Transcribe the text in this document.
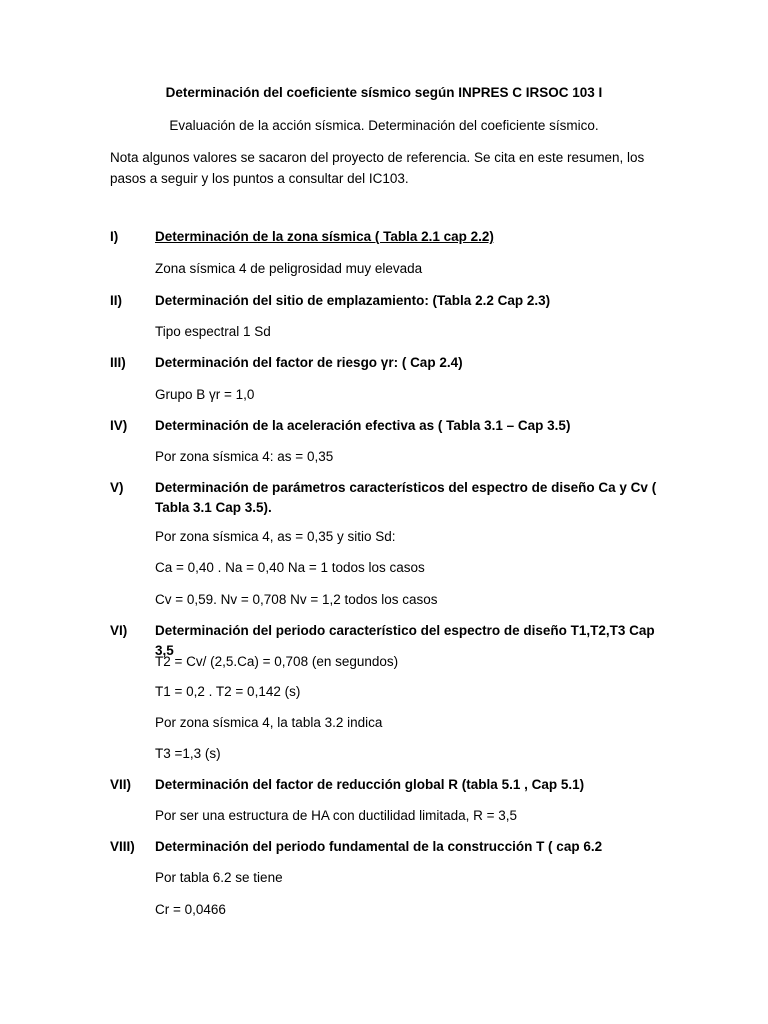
Determinación del coeficiente sísmico según INPRES C IRSOC 103 I
Evaluación de la acción sísmica. Determinación del coeficiente sísmico.
Nota algunos valores se sacaron del proyecto de referencia. Se cita en este resumen, los pasos a seguir y los puntos a consultar del IC103.
I)	Determinación de la zona sísmica ( Tabla 2.1 cap 2.2)
Zona sísmica 4 de peligrosidad muy elevada
II) Determinación del sitio de emplazamiento: (Tabla 2.2 Cap 2.3)
Tipo espectral 1 Sd
III) Determinación del factor de riesgo γr: ( Cap 2.4)
Grupo B γr = 1,0
IV) Determinación de la aceleración efectiva as ( Tabla 3.1 – Cap 3.5)
Por zona sísmica 4: as = 0,35
V) Determinación de parámetros característicos del espectro de diseño Ca y Cv ( Tabla 3.1 Cap 3.5).
Por zona sísmica 4, as = 0,35 y sitio Sd:
Ca = 0,40 . Na = 0,40 Na = 1 todos los casos
Cv = 0,59. Nv = 0,708 Nv = 1,2 todos los casos
VI) Determinación del periodo característico del espectro de diseño T1,T2,T3 Cap 3,5
T2 = Cv/ (2,5.Ca) = 0,708 (en segundos)
T1 = 0,2 . T2 = 0,142 (s)
Por zona sísmica 4, la tabla 3.2 indica
T3 =1,3 (s)
VII) Determinación del factor de reducción global R (tabla 5.1 , Cap 5.1)
Por ser una estructura de HA con ductilidad limitada, R = 3,5
VIII) Determinación del periodo fundamental de la construcción T ( cap 6.2
Por tabla 6.2 se tiene
Cr = 0,0466
